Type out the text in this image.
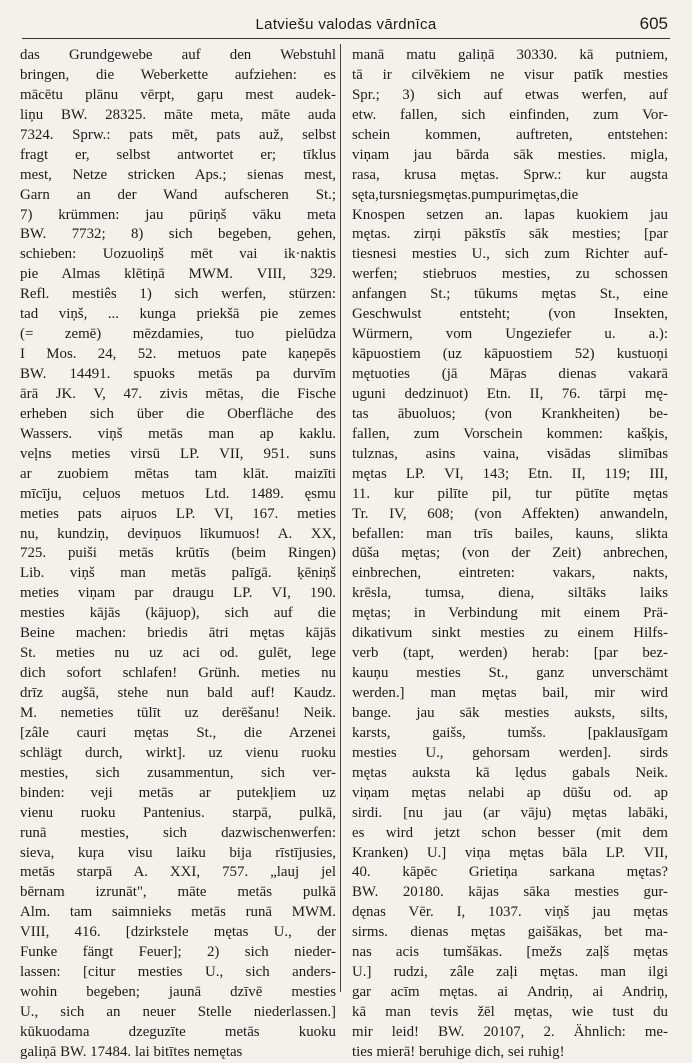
Latviešu valodas vārdnīca	605
das Grundgewebe auf den Webstuhl
bringen, die Weberkette aufziehen: es
mācētu plānu vērpt, gaŗu mest audek-
liņu BW. 28325. māte meta, māte auda
7324. Sprw.: pats mēt, pats auž, selbst
fragt er, selbst antwortet er; tīklus
mest, Netze stricken Aps.; sienas mest,
Garn an der Wand aufscheren St.;
7) krümmen: jau pūriņš vāku meta
BW. 7732; 8) sich begeben, gehen,
schieben: Uozuoliņš mēt vai ik·naktis
pie Almas klētiņā MWM. VIII, 329.
Refl. mestiês 1) sich werfen, stürzen:
tad viņš, ... kunga priekšā pie zemes
(= zemē) mēzdamies, tuo pielūdza
I Mos. 24, 52. metuos pate kaņepēs
BW. 14491. spuoks metās pa durvīm
ārā JK. V, 47. zivis mētas, die Fische
erheben sich über die Oberfläche des
Wassers. viņš metās man ap kaklu.
veļns meties virsū LP. VII, 951. suns
ar zuobiem mētas tam klāt. maizīti
mīcīju, ceļuos metuos Ltd. 1489. ęsmu
meties pats aiŗuos LP. VI, 167. meties
nu, kundziņ, deviņuos līkumuos! A. XX,
725. puiši metās krūtīs (beim Ringen)
Lib. viņš man metās palīgā. ķēniņš
meties viņam par draugu LP. VI, 190.
mesties kājās (kājuop), sich auf die
Beine machen: briedis ātri mętas kājās
St. meties nu uz aci od. gulēt, lege
dich sofort schlafen! Grünh. meties nu
drīz augšā, stehe nun bald auf! Kaudz.
M. nemeties tūlīt uz derēšanu! Neik.
[zâle cauri mętas St., die Arzenei
schlägt durch, wirkt]. uz vienu ruoku
mesties, sich zusammentun, sich ver-
binden: veji metās ar putekļiem uz
vienu ruoku Pantenius. starpā, pulkā,
runā mesties, sich dazwischenwerfen:
sieva, kuŗa visu laiku bija rīstījusies,
metās starpā A. XXI, 757. „lauj jel
bērnam izrunāt", māte metās pulkā
Alm. tam saimnieks metās runā MWM.
VIII, 416. [dzirkstele mętas U., der
Funke fängt Feuer]; 2) sich nieder-
lassen: [citur mesties U., sich anders-
wohin begeben; jaunā dzīvē mesties
U., sich an neuer Stelle niederlassen.]
kūkuodama dzeguzīte metās kuoku
galiņā BW. 17484. lai bitītes nemętas
manā matu galiņā 30330. kā putniem,
tā ir cilvēkiem ne visur patīk mesties
Spr.; 3) sich auf etwas werfen, auf
etw. fallen, sich einfinden, zum Vor-
schein kommen, auftreten, entstehen:
viņam jau bārda sāk mesties. migla,
rasa, krusa mętas. Sprw.: kur augsta
sęta,tursniegsmętas.pumpurimętas,die
Knospen setzen an. lapas kuokiem jau
mętas. zirņi pākstīs sāk mesties; [par
tiesnesi mesties U., sich zum Richter auf-
werfen; stiebruos mesties, zu schossen
anfangen St.; tūkums mętas St., eine
Geschwulst entsteht; (von Insekten,
Würmern, vom Ungeziefer u. a.):
kāpuostiem (uz kāpuostiem 52) kustuoņi
mętuoties (jā Māŗas dienas vakarā
uguni dedzinuot) Etn. II, 76. tārpi mę-
tas ābuoluos; (von Krankheiten) be-
fallen, zum Vorschein kommen: kašķis,
tulznas, asins vaina, visādas slimības
mętas LP. VI, 143; Etn. II, 119; III,
11. kur pilīte pil, tur pūtīte mętas
Tr. IV, 608; (von Affekten) anwandeln,
befallen: man trīs bailes, kauns, slikta
dūša mętas; (von der Zeit) anbrechen,
einbrechen, eintreten: vakars, nakts,
krēsla, tumsa, diena, siltāks laiks
mętas; in Verbindung mit einem Prä-
dikativum sinkt mesties zu einem Hilfs-
verb (tapt, werden) herab: [par bez-
kauņu mesties St., ganz unverschämt
werden.] man mętas bail, mir wird
bange. jau sāk mesties auksts, silts,
karsts, gaišs, tumšs. [paklausīgam
mesties U., gehorsam werden]. sirds
mętas auksta kā lędus gabals Neik.
viņam mętas nelabi ap dūšu od. ap
sirdi. [nu jau (ar vāju) mętas labāki,
es wird jetzt schon besser (mit dem
Kranken) U.] viņa mętas bāla LP. VII,
40. kāpēc Grietiņa sarkana mętas?
BW. 20180. kājas sāka mesties gur-
dęnas Vēr. I, 1037. viņš jau mętas
sirms. dienas mętas gaišākas, bet ma-
nas acis tumšākas. [mežs zaļš mętas
U.] rudzi, zâle zaļi mętas. man ilgi
gar acīm mętas. ai Andriņ, ai Andriņ,
kā man tevis žēl mętas, wie tust du
mir leid! BW. 20107, 2. Ähnlich: me-
ties mierā! beruhige dich, sei ruhig!
